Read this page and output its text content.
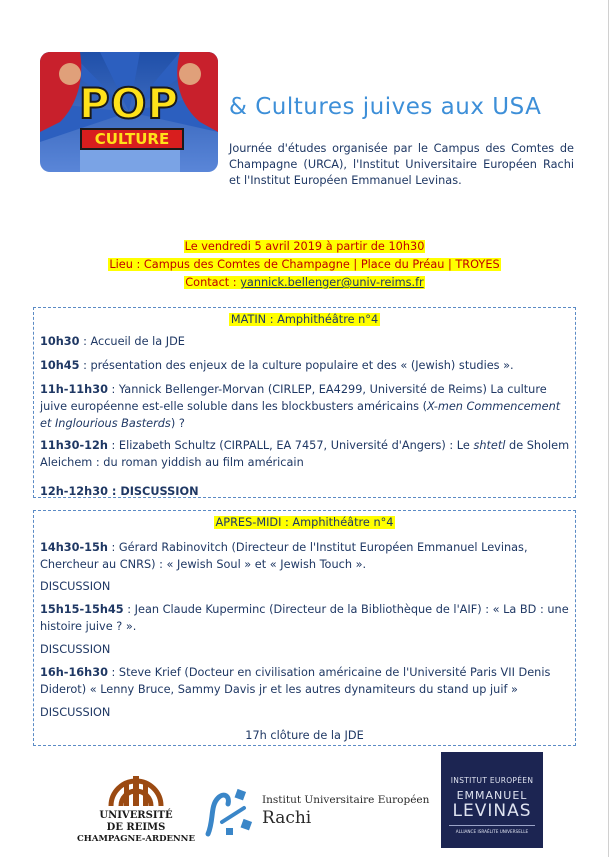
POP
CULTURE
& Cultures juives aux USA

Journée d'études organisée par le Campus des Comtes de Champagne (URCA), l'Institut Universitaire Européen Rachi et l'Institut Européen Emmanuel Levinas.

Le vendredi 5 avril 2019 à partir de 10h30
Lieu : Campus des Comtes de Champagne | Place du Préau | TROYES
Contact : yannick.bellenger@univ-reims.fr
MATIN : Amphithéâtre n°4
10h30 : Accueil de la JDE
10h45 : présentation des enjeux de la culture populaire et des « (Jewish) studies ».
11h-11h30 : Yannick Bellenger-Morvan (CIRLEP, EA4299, Université de Reims) La culture juive européenne est-elle soluble dans les blockbusters américains (X-men Commencement et Inglourious Basterds) ?
11h30-12h : Elizabeth Schultz (CIRPALL, EA 7457, Université d'Angers) : Le shtetl de Sholem Aleichem : du roman yiddish au film américain
12h-12h30 : DISCUSSION
APRES-MIDI : Amphithéâtre n°4
14h30-15h : Gérard Rabinovitch (Directeur de l'Institut Européen Emmanuel Levinas, Chercheur au CNRS) : « Jewish Soul » et « Jewish Touch ».
DISCUSSION
15h15-15h45 : Jean Claude Kuperminc (Directeur de la Bibliothèque de l'AIF) : « La BD : une histoire juive ? ».
DISCUSSION
16h-16h30 : Steve Krief (Docteur en civilisation américaine de l'Université Paris VII Denis Diderot) « Lenny Bruce, Sammy Davis jr et les autres dynamiteurs du stand up juif »
DISCUSSION
17h clôture de la JDE
UNIVERSITÉ
DE REIMS
CHAMPAGNE-ARDENNE
Institut Universitaire Européen
Rachi
INSTITUT EUROPÉEN
EMMANUEL
LEVINAS
ALLIANCE ISRAÉLITE UNIVERSELLE
